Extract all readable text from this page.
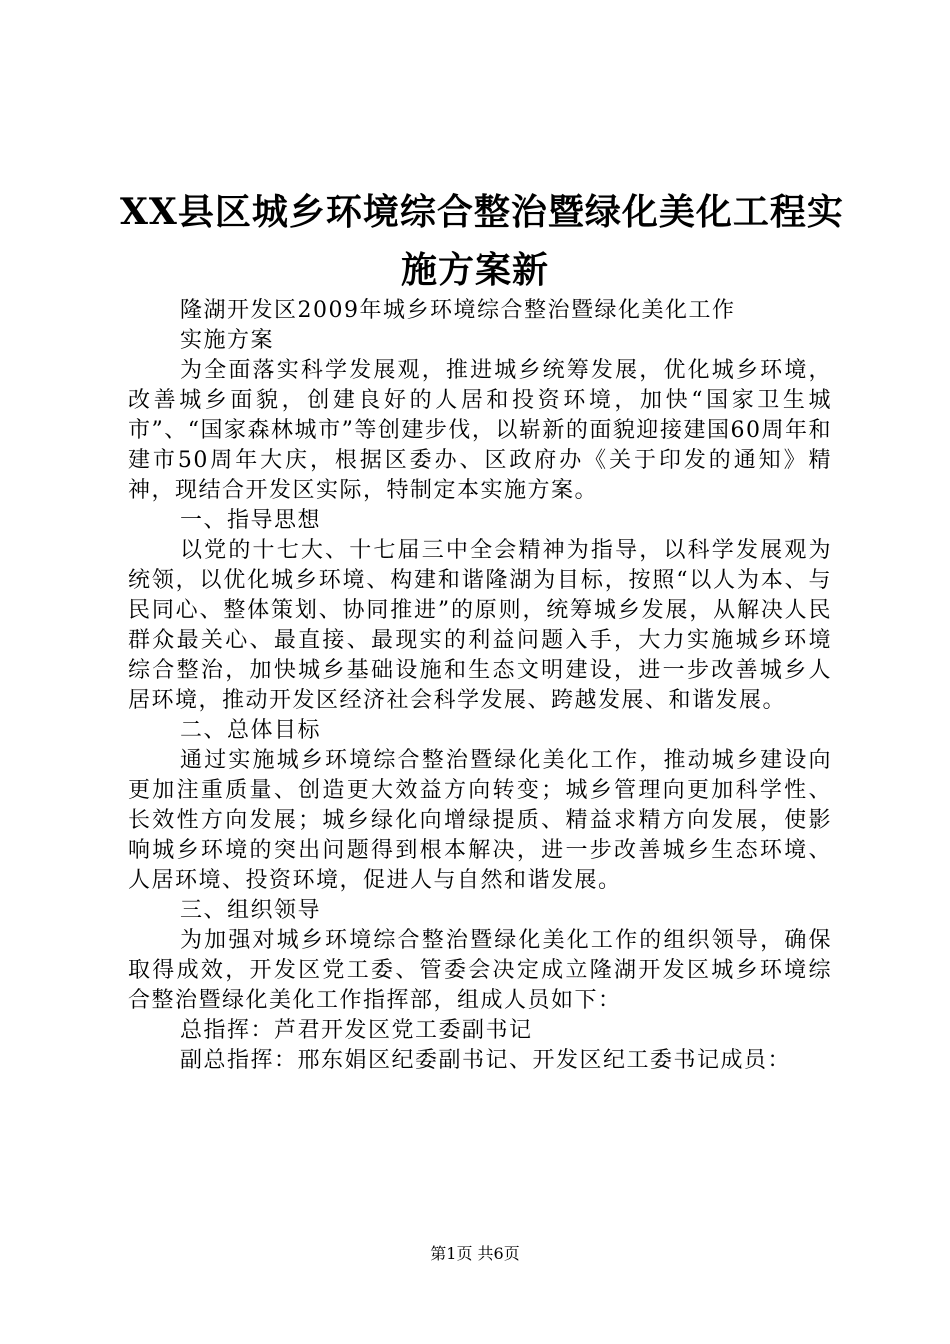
XX县区城乡环境综合整治暨绿化美化工程实
施方案新

隆湖开发区2009年城乡环境综合整治暨绿化美化工作

实施方案

为全面落实科学发展观，推进城乡统筹发展，优化城乡环境，改善城乡面貌，创建良好的人居和投资环境，加快“国家卫生城市”、“国家森林城市”等创建步伐，以崭新的面貌迎接建国60周年和建市50周年大庆，根据区委办、区政府办《关于印发的通知》精神，现结合开发区实际，特制定本实施方案。

一、指导思想

以党的十七大、十七届三中全会精神为指导，以科学发展观为统领，以优化城乡环境、构建和谐隆湖为目标，按照“以人为本、与民同心、整体策划、协同推进”的原则，统筹城乡发展，从解决人民群众最关心、最直接、最现实的利益问题入手，大力实施城乡环境综合整治，加快城乡基础设施和生态文明建设，进一步改善城乡人居环境，推动开发区经济社会科学发展、跨越发展、和谐发展。

二、总体目标

通过实施城乡环境综合整治暨绿化美化工作，推动城乡建设向更加注重质量、创造更大效益方向转变；城乡管理向更加科学性、长效性方向发展；城乡绿化向增绿提质、精益求精方向发展，使影响城乡环境的突出问题得到根本解决，进一步改善城乡生态环境、人居环境、投资环境，促进人与自然和谐发展。

三、组织领导

为加强对城乡环境综合整治暨绿化美化工作的组织领导，确保取得成效，开发区党工委、管委会决定成立隆湖开发区城乡环境综合整治暨绿化美化工作指挥部，组成人员如下：

总指挥：芦君开发区党工委副书记

副总指挥：邢东娟区纪委副书记、开发区纪工委书记成员：

第1页 共6页
